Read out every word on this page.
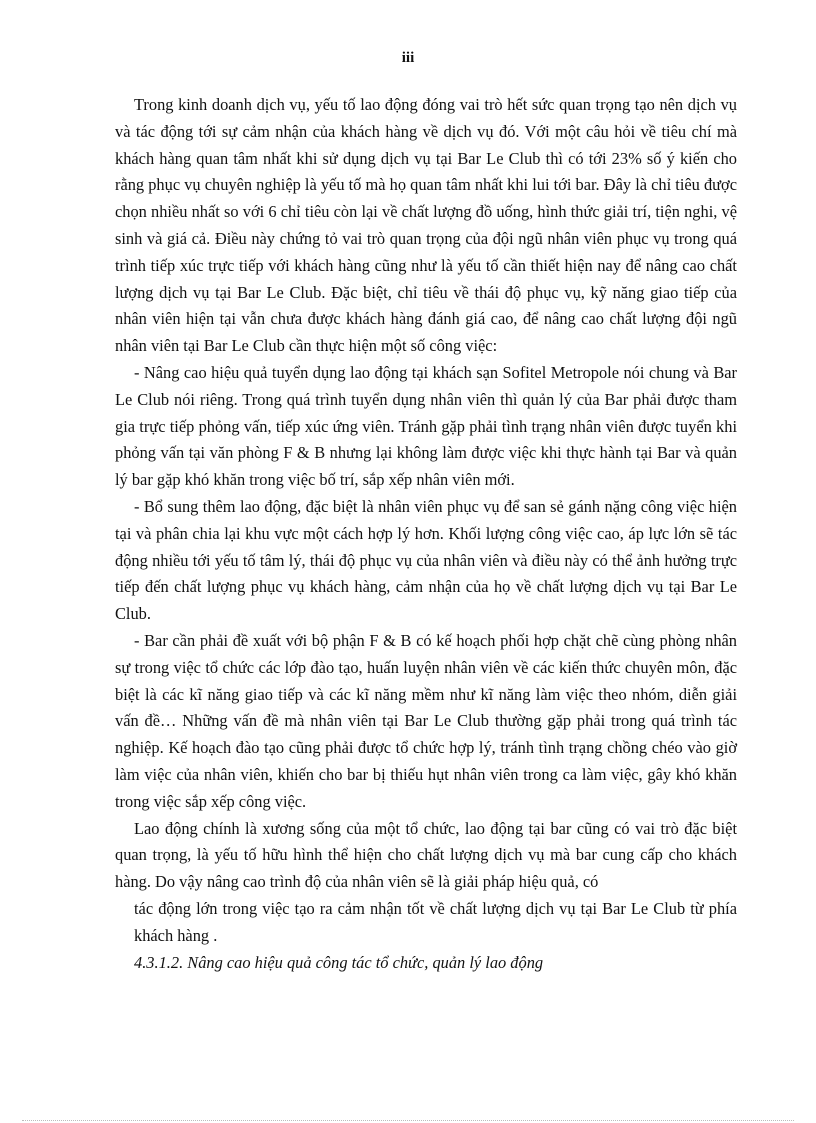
iii

Trong kinh doanh dịch vụ, yếu tố lao động đóng vai trò hết sức quan trọng tạo nên dịch vụ và tác động tới sự cảm nhận của khách hàng về dịch vụ đó. Với một câu hỏi về tiêu chí mà khách hàng quan tâm nhất khi sử dụng dịch vụ tại Bar Le Club thì có tới 23% số ý kiến cho rằng phục vụ chuyên nghiệp là yếu tố mà họ quan tâm nhất khi lui tới bar. Đây là chỉ tiêu được chọn nhiều nhất so với 6 chỉ tiêu còn lại về chất lượng đồ uống, hình thức giải trí, tiện nghi, vệ sinh và giá cả. Điều này chứng tỏ vai trò quan trọng của đội ngũ nhân viên phục vụ trong quá trình tiếp xúc trực tiếp với khách hàng cũng như là yếu tố cần thiết hiện nay để nâng cao chất lượng dịch vụ tại Bar Le Club. Đặc biệt, chỉ tiêu về thái độ phục vụ, kỹ năng giao tiếp của nhân viên hiện tại vẫn chưa được khách hàng đánh giá cao, để nâng cao chất lượng đội ngũ nhân viên tại Bar Le Club cần thực hiện một số công việc:

- Nâng cao hiệu quả tuyển dụng lao động tại khách sạn Sofitel Metropole nói chung và Bar Le Club nói riêng. Trong quá trình tuyển dụng nhân viên thì quản lý của Bar phải được tham gia trực tiếp phỏng vấn, tiếp xúc ứng viên. Tránh gặp phải tình trạng nhân viên được tuyển khi phỏng vấn tại văn phòng F & B nhưng lại không làm được việc khi thực hành tại Bar và quản lý bar gặp khó khăn trong việc bố trí, sắp xếp nhân viên mới.

- Bổ sung thêm lao động, đặc biệt là nhân viên phục vụ để san sẻ gánh nặng công việc hiện tại và phân chia lại khu vực một cách hợp lý hơn. Khối lượng công việc cao, áp lực lớn sẽ tác động nhiều tới yếu tố tâm lý, thái độ phục vụ của nhân viên và điều này có thể ảnh hưởng trực tiếp đến chất lượng phục vụ khách hàng, cảm nhận của họ về chất lượng dịch vụ tại Bar Le Club.

- Bar cần phải đề xuất với bộ phận F & B có kế hoạch phối hợp chặt chẽ cùng phòng nhân sự trong việc tổ chức các lớp đào tạo, huấn luyện nhân viên về các kiến thức chuyên môn, đặc biệt là các kĩ năng giao tiếp và các kĩ năng mềm như kĩ năng làm việc theo nhóm, diễn giải vấn đề… Những vấn đề mà nhân viên tại Bar Le Club thường gặp phải trong quá trình tác nghiệp. Kế hoạch đào tạo cũng phải được tổ chức hợp lý, tránh tình trạng chồng chéo vào giờ làm việc của nhân viên, khiến cho bar bị thiếu hụt nhân viên trong ca làm việc, gây khó khăn trong việc sắp xếp công việc.

Lao động chính là xương sống của một tổ chức, lao động tại bar cũng có vai trò đặc biệt quan trọng, là yếu tố hữu hình thể hiện cho chất lượng dịch vụ mà bar cung cấp cho khách hàng. Do vậy nâng cao trình độ của nhân viên sẽ là giải pháp hiệu quả, có

tác động lớn trong việc tạo ra cảm nhận tốt về chất lượng dịch vụ tại Bar Le Club từ phía khách hàng .

4.3.1.2. Nâng cao hiệu quả công tác tổ chức, quản lý lao động
